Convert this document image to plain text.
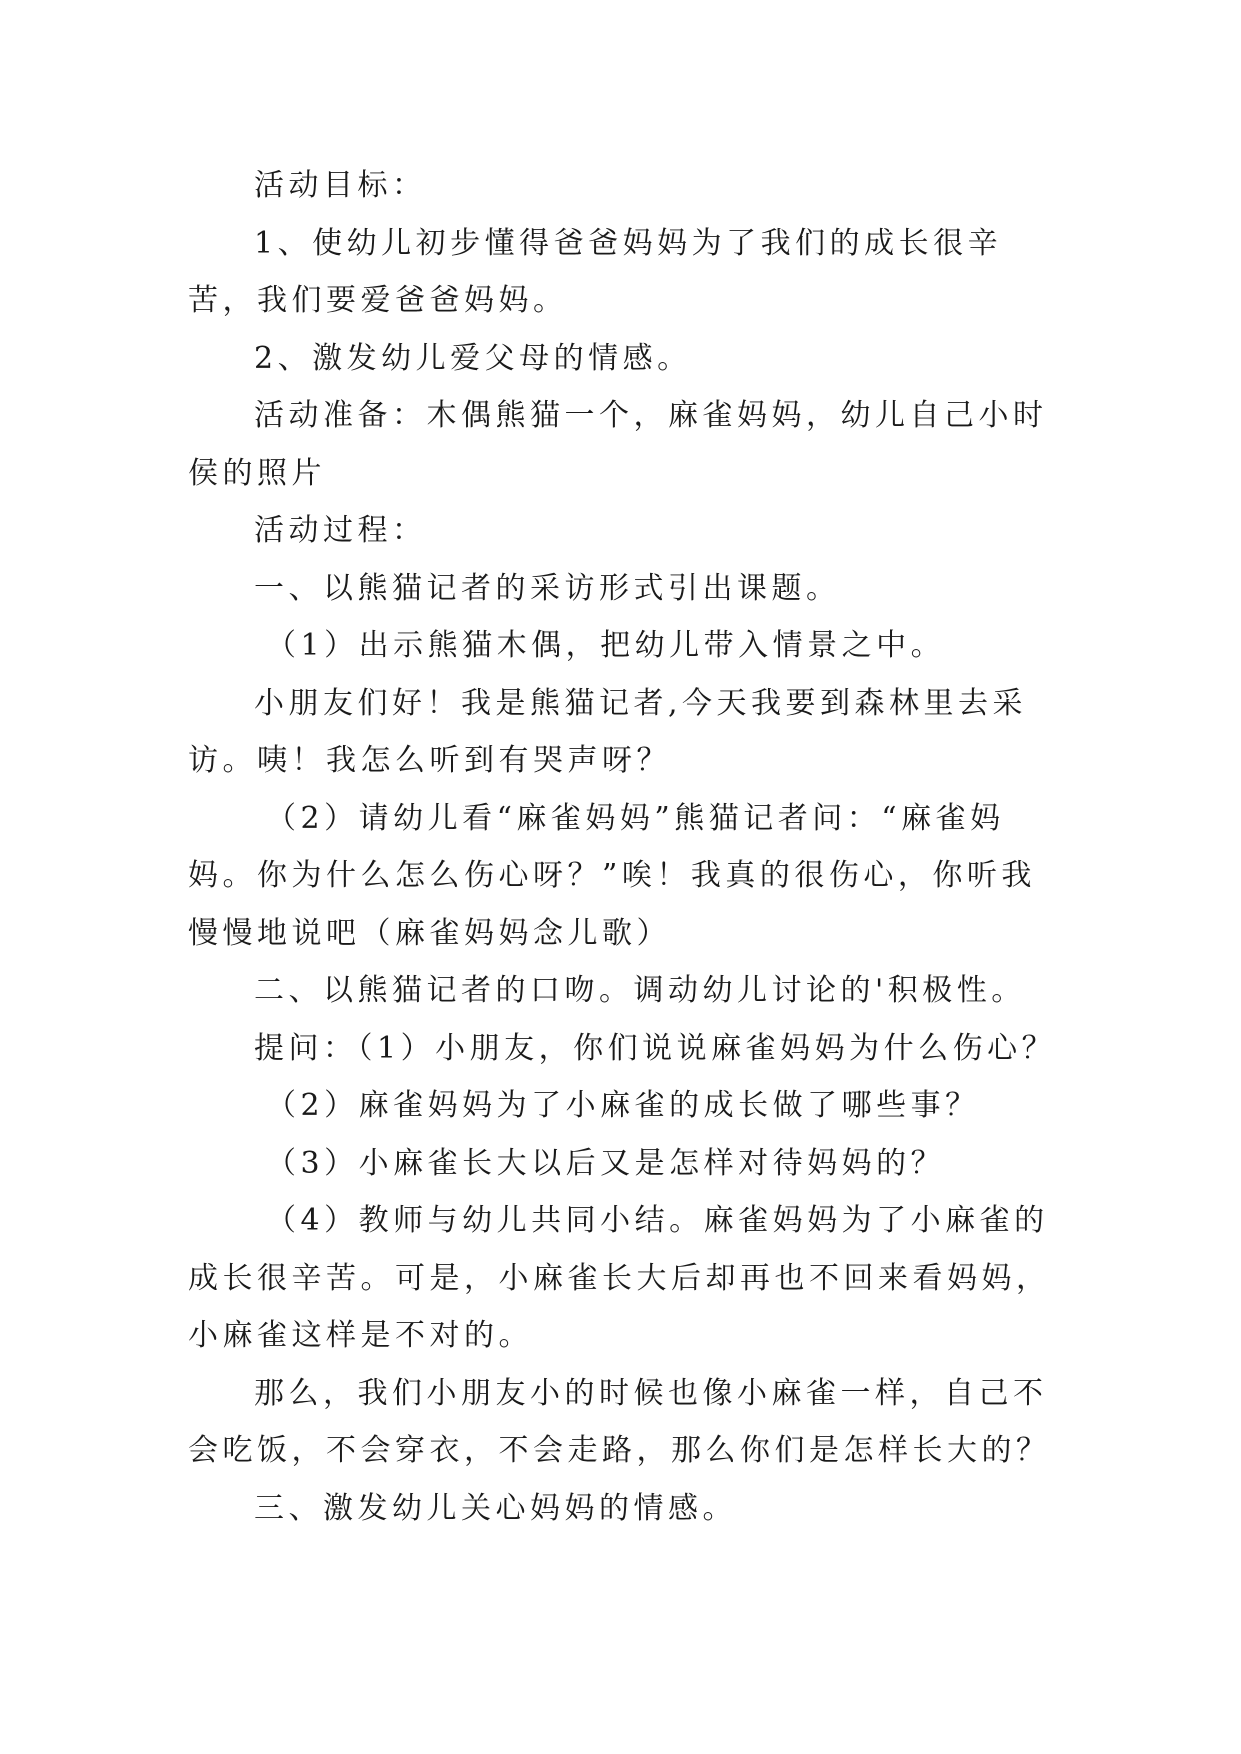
活动目标：

1、使幼儿初步懂得爸爸妈妈为了我们的成长很辛苦，我们要爱爸爸妈妈。

2、激发幼儿爱父母的情感。

活动准备：木偶熊猫一个，麻雀妈妈，幼儿自己小时侯的照片

活动过程：

一、以熊猫记者的采访形式引出课题。

（1）出示熊猫木偶，把幼儿带入情景之中。

小朋友们好！我是熊猫记者,今天我要到森林里去采访。咦！我怎么听到有哭声呀？

（2）请幼儿看“麻雀妈妈”熊猫记者问：“麻雀妈妈。你为什么怎么伤心呀？”唉！我真的很伤心，你听我慢慢地说吧（麻雀妈妈念儿歌）

二、以熊猫记者的口吻。调动幼儿讨论的'积极性。

提问：（1）小朋友，你们说说麻雀妈妈为什么伤心？

（2）麻雀妈妈为了小麻雀的成长做了哪些事？

（3）小麻雀长大以后又是怎样对待妈妈的？

（4）教师与幼儿共同小结。麻雀妈妈为了小麻雀的成长很辛苦。可是，小麻雀长大后却再也不回来看妈妈，小麻雀这样是不对的。

那么，我们小朋友小的时候也像小麻雀一样，自己不会吃饭，不会穿衣，不会走路，那么你们是怎样长大的？

三、激发幼儿关心妈妈的情感。
